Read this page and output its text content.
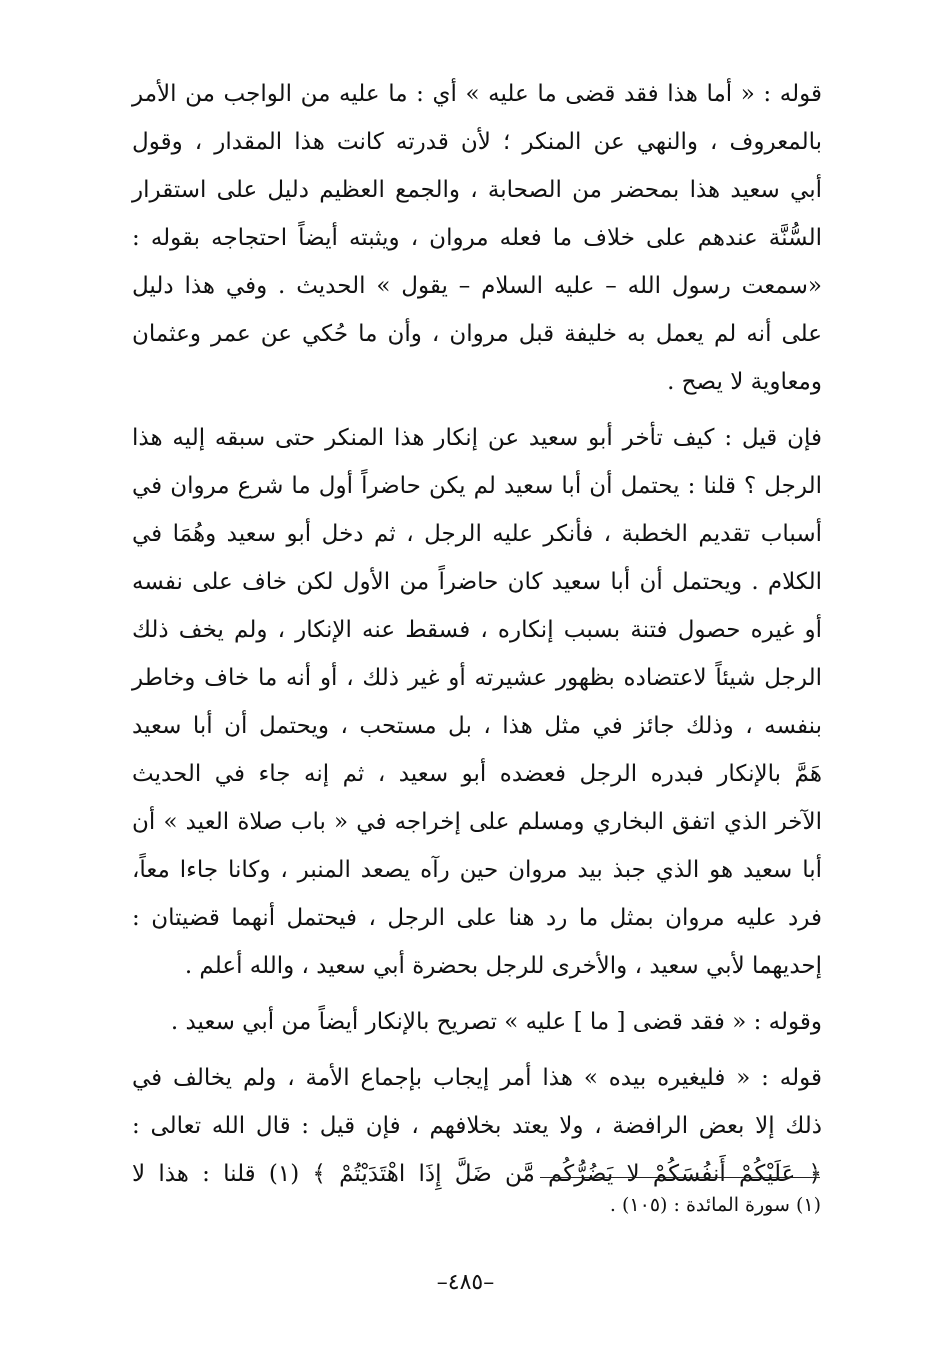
قوله : « أما هذا فقد قضى ما عليه » أي : ما عليه من الواجب من الأمر
بالمعروف ، والنهي عن المنكر ؛ لأن قدرته كانت هذا المقدار ، وقول
أبي سعيد هذا بمحضر من الصحابة ، والجمع العظيم دليل على استقرار
السُّنَّة عندهم على خلاف ما فعله مروان ، ويثبته أيضاً احتجاجه بقوله :
«سمعت رسول الله – عليه السلام – يقول » الحديث . وفي هذا دليل
على أنه لم يعمل به خليفة قبل مروان ، وأن ما حُكي عن عمر وعثمان
ومعاوية لا يصح .
فإن قيل : كيف تأخر أبو سعيد عن إنكار هذا المنكر حتى سبقه إليه هذا
الرجل ؟ قلنا : يحتمل أن أبا سعيد لم يكن حاضراً أول ما شرع مروان في
أسباب تقديم الخطبة ، فأنكر عليه الرجل ، ثم دخل أبو سعيد وهُمَا في
الكلام . ويحتمل أن أبا سعيد كان حاضراً من الأول لكن خاف على نفسه
أو غيره حصول فتنة بسبب إنكاره ، فسقط عنه الإنكار ، ولم يخف ذلك
الرجل شيئاً لاعتضاده بظهور عشيرته أو غير ذلك ، أو أنه ما خاف وخاطر
بنفسه ، وذلك جائز في مثل هذا ، بل مستحب ، ويحتمل أن أبا سعيد
هَمَّ بالإنكار فبدره الرجل فعضده أبو سعيد ، ثم إنه جاء في الحديث
الآخر الذي اتفق البخاري ومسلم على إخراجه في « باب صلاة العيد » أن
أبا سعيد هو الذي جبذ بيد مروان حين رآه يصعد المنبر ، وكانا جاءا معاً،
فرد عليه مروان بمثل ما رد هنا على الرجل ، فيحتمل أنهما قضيتان :
إحديهما لأبي سعيد ، والأخرى للرجل بحضرة أبي سعيد ، والله أعلم .
وقوله : « فقد قضى [ ما ] عليه » تصريح بالإنكار أيضاً من أبي سعيد .
قوله : « فليغيره بيده » هذا أمر إيجاب بإجماع الأمة ، ولم يخالف في
ذلك إلا بعض الرافضة ، ولا يعتد بخلافهم ، فإن قيل : قال الله تعالى :
﴿ عَلَيْكُمْ أَنفُسَكُمْ لا يَضُرُّكُم مَّن ضَلَّ إِذَا اهْتَدَيْتُمْ ﴾ (١) قلنا : هذا لا
(١) سورة المائدة : (١٠٥) .
–٤٨٥–
